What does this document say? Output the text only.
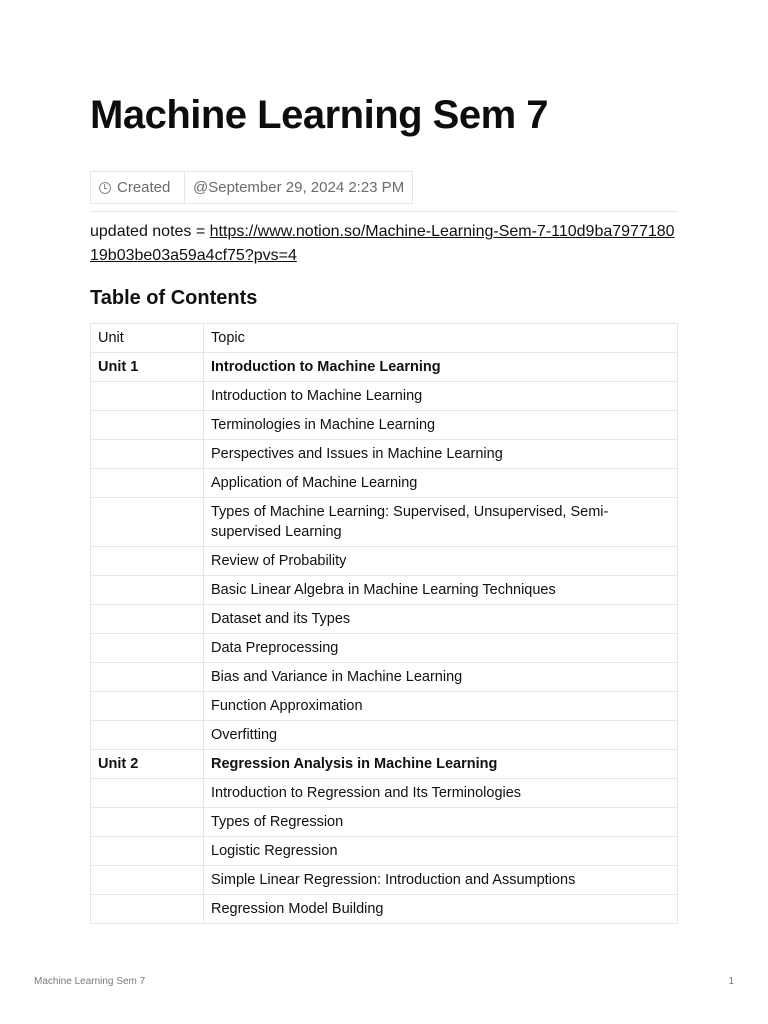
Machine Learning Sem 7
Created	@September 29, 2024 2:23 PM

updated notes = https://www.notion.so/Machine-Learning-Sem-7-110d9ba797718019b03be03a59a4cf75?pvs=4

Table of Contents
Unit	Topic
Unit 1	Introduction to Machine Learning
	Introduction to Machine Learning
	Terminologies in Machine Learning
	Perspectives and Issues in Machine Learning
	Application of Machine Learning
	Types of Machine Learning: Supervised, Unsupervised, Semi-supervised Learning
	Review of Probability
	Basic Linear Algebra in Machine Learning Techniques
	Dataset and its Types
	Data Preprocessing
	Bias and Variance in Machine Learning
	Function Approximation
	Overfitting
Unit 2	Regression Analysis in Machine Learning
	Introduction to Regression and Its Terminologies
	Types of Regression
	Logistic Regression
	Simple Linear Regression: Introduction and Assumptions
	Regression Model Building
Machine Learning Sem 7	1
